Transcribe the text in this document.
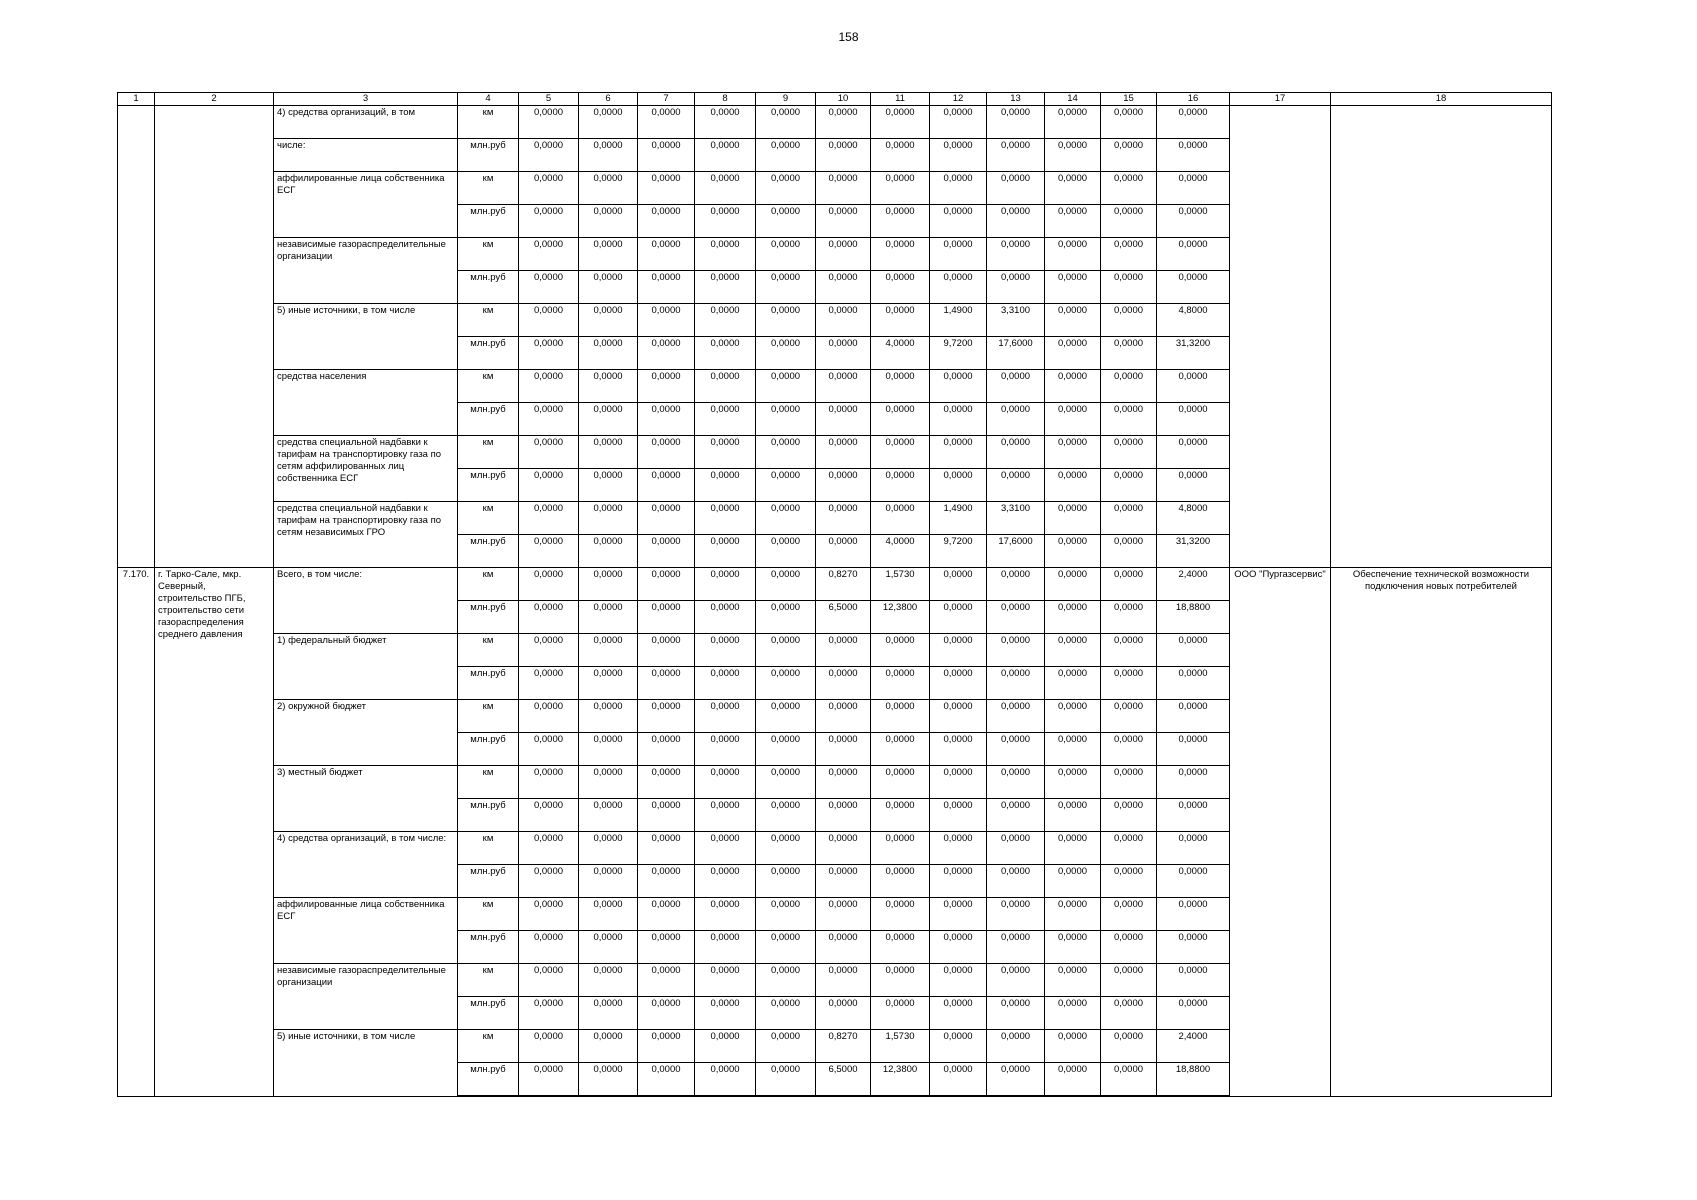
158
1	2	3	4	5	6	7	8	9	10	11	12	13	14	15	16	17	18
		4) средства организаций, в том	км	0,0000	0,0000	0,0000	0,0000	0,0000	0,0000	0,0000	0,0000	0,0000	0,0000	0,0000	0,0000		
		числе:	млн.руб	0,0000	0,0000	0,0000	0,0000	0,0000	0,0000	0,0000	0,0000	0,0000	0,0000	0,0000	0,0000		
		аффилированные лица собственника ЕСГ	км	0,0000	0,0000	0,0000	0,0000	0,0000	0,0000	0,0000	0,0000	0,0000	0,0000	0,0000	0,0000		
			млн.руб	0,0000	0,0000	0,0000	0,0000	0,0000	0,0000	0,0000	0,0000	0,0000	0,0000	0,0000	0,0000		
		независимые газораспределительные организации	км	0,0000	0,0000	0,0000	0,0000	0,0000	0,0000	0,0000	0,0000	0,0000	0,0000	0,0000	0,0000		
			млн.руб	0,0000	0,0000	0,0000	0,0000	0,0000	0,0000	0,0000	0,0000	0,0000	0,0000	0,0000	0,0000		
		5) иные источники, в том числе	км	0,0000	0,0000	0,0000	0,0000	0,0000	0,0000	0,0000	1,4900	3,3100	0,0000	0,0000	4,8000		
			млн.руб	0,0000	0,0000	0,0000	0,0000	0,0000	0,0000	4,0000	9,7200	17,6000	0,0000	0,0000	31,3200		
		средства населения	км	0,0000	0,0000	0,0000	0,0000	0,0000	0,0000	0,0000	0,0000	0,0000	0,0000	0,0000	0,0000		
			млн.руб	0,0000	0,0000	0,0000	0,0000	0,0000	0,0000	0,0000	0,0000	0,0000	0,0000	0,0000	0,0000		
		средства специальной надбавки к тарифам на транспортировку газа по сетям аффилированных лиц собственника ЕСГ	км	0,0000	0,0000	0,0000	0,0000	0,0000	0,0000	0,0000	0,0000	0,0000	0,0000	0,0000	0,0000		
			млн.руб	0,0000	0,0000	0,0000	0,0000	0,0000	0,0000	0,0000	0,0000	0,0000	0,0000	0,0000	0,0000		
		средства специальной надбавки к тарифам на транспортировку газа по сетям независимых ГРО	км	0,0000	0,0000	0,0000	0,0000	0,0000	0,0000	0,0000	1,4900	3,3100	0,0000	0,0000	4,8000		
			млн.руб	0,0000	0,0000	0,0000	0,0000	0,0000	0,0000	4,0000	9,7200	17,6000	0,0000	0,0000	31,3200		
7.170.	г. Тарко-Сале, мкр. Северный, строительство ПГБ, строительство сети газораспределения среднего давления	Всего, в том числе:	км	0,0000	0,0000	0,0000	0,0000	0,0000	0,8270	1,5730	0,0000	0,0000	0,0000	0,0000	2,4000	ООО "Пургазсервис"	Обеспечение технической возможности подключения новых потребителей
			млн.руб	0,0000	0,0000	0,0000	0,0000	0,0000	6,5000	12,3800	0,0000	0,0000	0,0000	0,0000	18,8800		
		1) федеральный бюджет	км	0,0000	0,0000	0,0000	0,0000	0,0000	0,0000	0,0000	0,0000	0,0000	0,0000	0,0000	0,0000		
			млн.руб	0,0000	0,0000	0,0000	0,0000	0,0000	0,0000	0,0000	0,0000	0,0000	0,0000	0,0000	0,0000		
		2) окружной бюджет	км	0,0000	0,0000	0,0000	0,0000	0,0000	0,0000	0,0000	0,0000	0,0000	0,0000	0,0000	0,0000		
			млн.руб	0,0000	0,0000	0,0000	0,0000	0,0000	0,0000	0,0000	0,0000	0,0000	0,0000	0,0000	0,0000		
		3) местный бюджет	км	0,0000	0,0000	0,0000	0,0000	0,0000	0,0000	0,0000	0,0000	0,0000	0,0000	0,0000	0,0000		
			млн.руб	0,0000	0,0000	0,0000	0,0000	0,0000	0,0000	0,0000	0,0000	0,0000	0,0000	0,0000	0,0000		
		4) средства организаций, в том числе:	км	0,0000	0,0000	0,0000	0,0000	0,0000	0,0000	0,0000	0,0000	0,0000	0,0000	0,0000	0,0000		
			млн.руб	0,0000	0,0000	0,0000	0,0000	0,0000	0,0000	0,0000	0,0000	0,0000	0,0000	0,0000	0,0000		
		аффилированные лица собственника ЕСГ	км	0,0000	0,0000	0,0000	0,0000	0,0000	0,0000	0,0000	0,0000	0,0000	0,0000	0,0000	0,0000		
			млн.руб	0,0000	0,0000	0,0000	0,0000	0,0000	0,0000	0,0000	0,0000	0,0000	0,0000	0,0000	0,0000		
		независимые газораспределительные организации	км	0,0000	0,0000	0,0000	0,0000	0,0000	0,0000	0,0000	0,0000	0,0000	0,0000	0,0000	0,0000		
			млн.руб	0,0000	0,0000	0,0000	0,0000	0,0000	0,0000	0,0000	0,0000	0,0000	0,0000	0,0000	0,0000		
		5) иные источники, в том числе	км	0,0000	0,0000	0,0000	0,0000	0,0000	0,8270	1,5730	0,0000	0,0000	0,0000	0,0000	2,4000		
			млн.руб	0,0000	0,0000	0,0000	0,0000	0,0000	6,5000	12,3800	0,0000	0,0000	0,0000	0,0000	18,8800		
